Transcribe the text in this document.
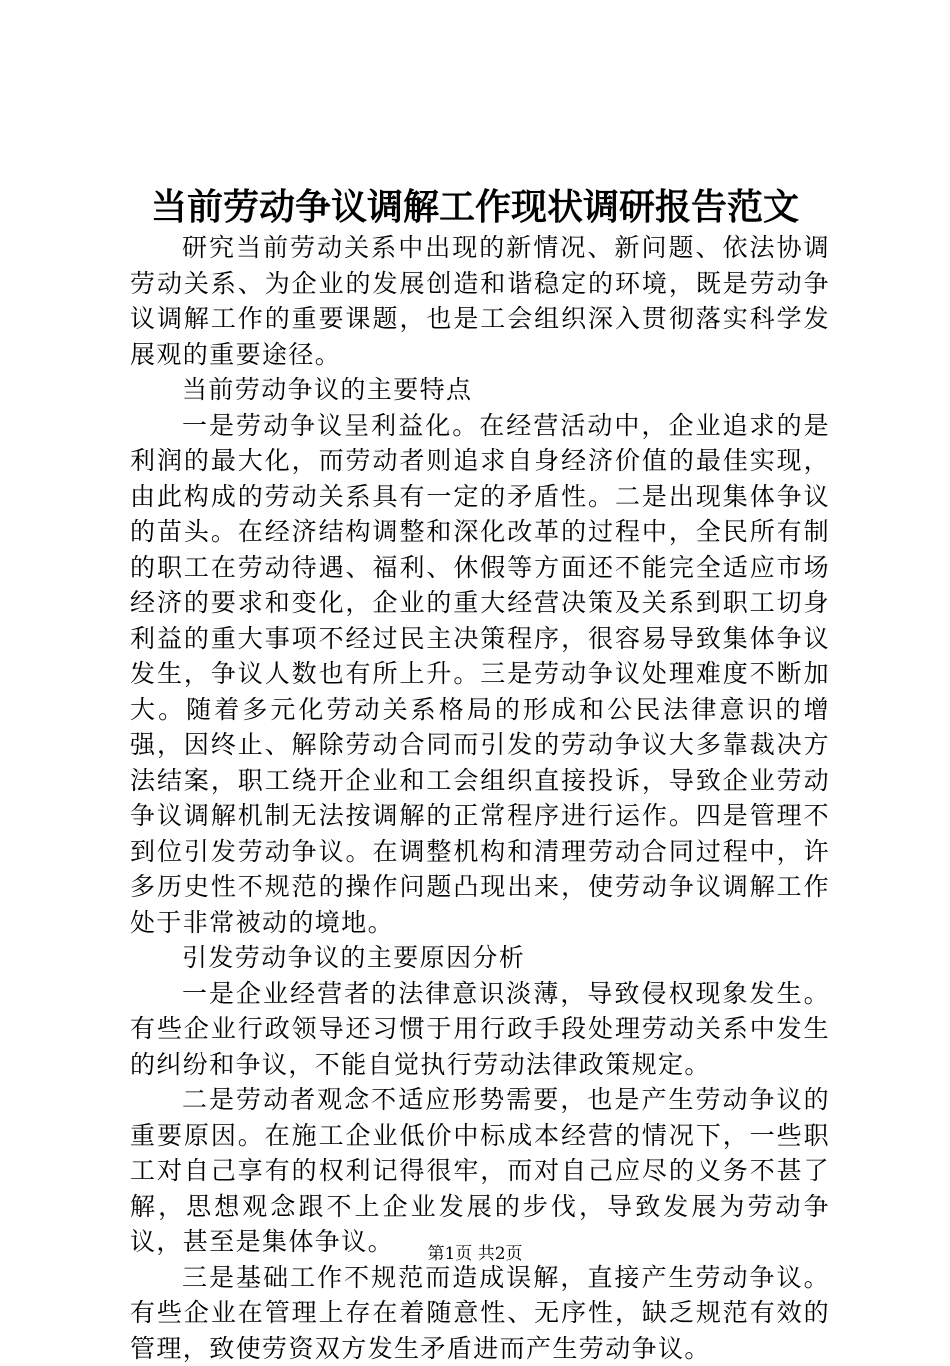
当前劳动争议调解工作现状调研报告范文

研究当前劳动关系中出现的新情况、新问题、依法协调劳动关系、为企业的发展创造和谐稳定的环境，既是劳动争议调解工作的重要课题，也是工会组织深入贯彻落实科学发展观的重要途径。

当前劳动争议的主要特点

一是劳动争议呈利益化。在经营活动中，企业追求的是利润的最大化，而劳动者则追求自身经济价值的最佳实现，由此构成的劳动关系具有一定的矛盾性。二是出现集体争议的苗头。在经济结构调整和深化改革的过程中，全民所有制的职工在劳动待遇、福利、休假等方面还不能完全适应市场经济的要求和变化，企业的重大经营决策及关系到职工切身利益的重大事项不经过民主决策程序，很容易导致集体争议发生，争议人数也有所上升。三是劳动争议处理难度不断加大。随着多元化劳动关系格局的形成和公民法律意识的增强，因终止、解除劳动合同而引发的劳动争议大多靠裁决方法结案，职工绕开企业和工会组织直接投诉，导致企业劳动争议调解机制无法按调解的正常程序进行运作。四是管理不到位引发劳动争议。在调整机构和清理劳动合同过程中，许多历史性不规范的操作问题凸现出来，使劳动争议调解工作处于非常被动的境地。

引发劳动争议的主要原因分析

一是企业经营者的法律意识淡薄，导致侵权现象发生。有些企业行政领导还习惯于用行政手段处理劳动关系中发生的纠纷和争议，不能自觉执行劳动法律政策规定。

二是劳动者观念不适应形势需要，也是产生劳动争议的重要原因。在施工企业低价中标成本经营的情况下，一些职工对自己享有的权利记得很牢，而对自己应尽的义务不甚了解，思想观念跟不上企业发展的步伐，导致发展为劳动争议，甚至是集体争议。

三是基础工作不规范而造成误解，直接产生劳动争议。有些企业在管理上存在着随意性、无序性，缺乏规范有效的管理，致使劳资双方发生矛盾进而产生劳动争议。

第1页 共2页
